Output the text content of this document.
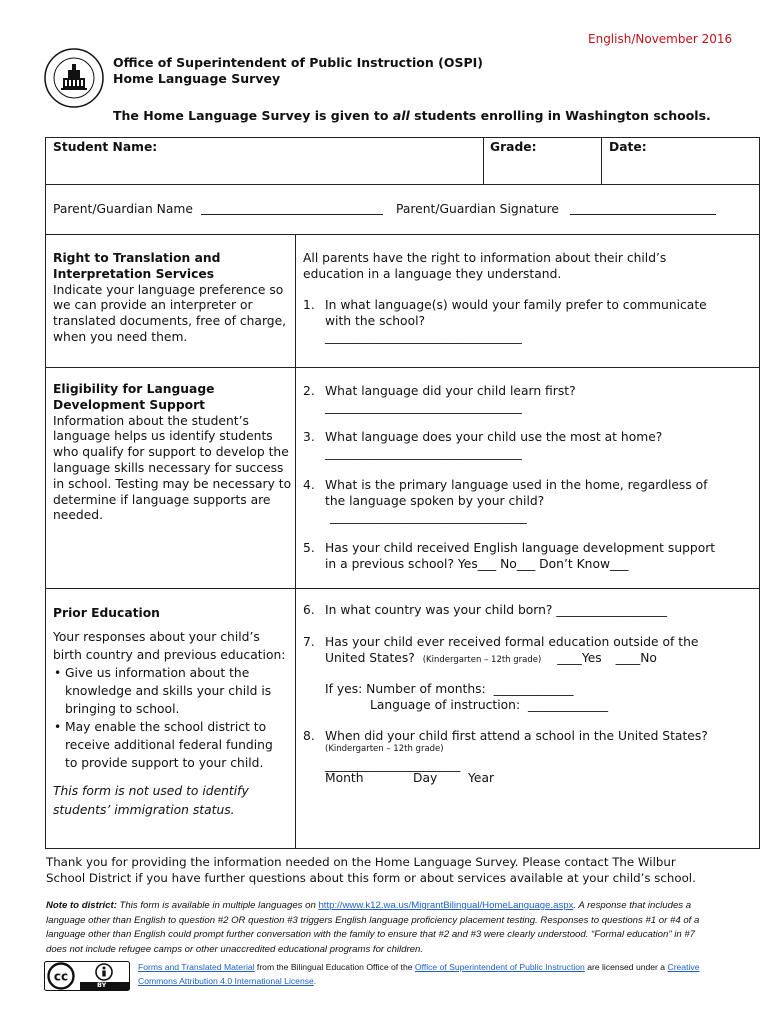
English/November 2016
Office of Superintendent of Public Instruction (OSPI)
Home Language Survey
The Home Language Survey is given to all students enrolling in Washington schools.
Student Name:	Grade:	Date:
Parent/Guardian Name	Parent/Guardian Signature
Right to Translation and Interpretation Services
Indicate your language preference so we can provide an interpreter or translated documents, free of charge, when you need them.
All parents have the right to information about their child’s education in a language they understand.
1. In what language(s) would your family prefer to communicate with the school?
________________________________
Eligibility for Language Development Support
Information about the student’s language helps us identify students who qualify for support to develop the language skills necessary for success in school. Testing may be necessary to determine if language supports are needed.
2. What language did your child learn first?
________________________________
3. What language does your child use the most at home?
________________________________
4. What is the primary language used in the home, regardless of the language spoken by your child?
________________________________
5. Has your child received English language development support in a previous school? Yes___ No___ Don’t Know___
Prior Education
Your responses about your child’s birth country and previous education:
• Give us information about the knowledge and skills your child is bringing to school.
• May enable the school district to receive additional federal funding to provide support to your child.
This form is not used to identify students’ immigration status.
6. In what country was your child born? __________________
7. Has your child ever received formal education outside of the
United States? (Kindergarten – 12th grade) ____Yes ____No
If yes: Number of months: _____________
Language of instruction: _____________
8. When did your child first attend a school in the United States?
(Kindergarten – 12th grade)
______________________
Month	Day Year
Thank you for providing the information needed on the Home Language Survey. Please contact The Wilbur School District if you have further questions about this form or about services available at your child’s school.
Note to district: This form is available in multiple languages on http://www.k12.wa.us/MigrantBilingual/HomeLanguage.aspx. A response that includes a language other than English to question #2 OR question #3 triggers English language proficiency placement testing. Responses to questions #1 or #4 of a language other than English could prompt further conversation with the family to ensure that #2 and #3 were clearly understood. “Formal education” in #7 does not include refugee camps or other unaccredited educational programs for children.
cc
BY
Forms and Translated Material from the Bilingual Education Office of the Office of Superintendent of Public Instruction are licensed under a Creative Commons Attribution 4.0 International License.
